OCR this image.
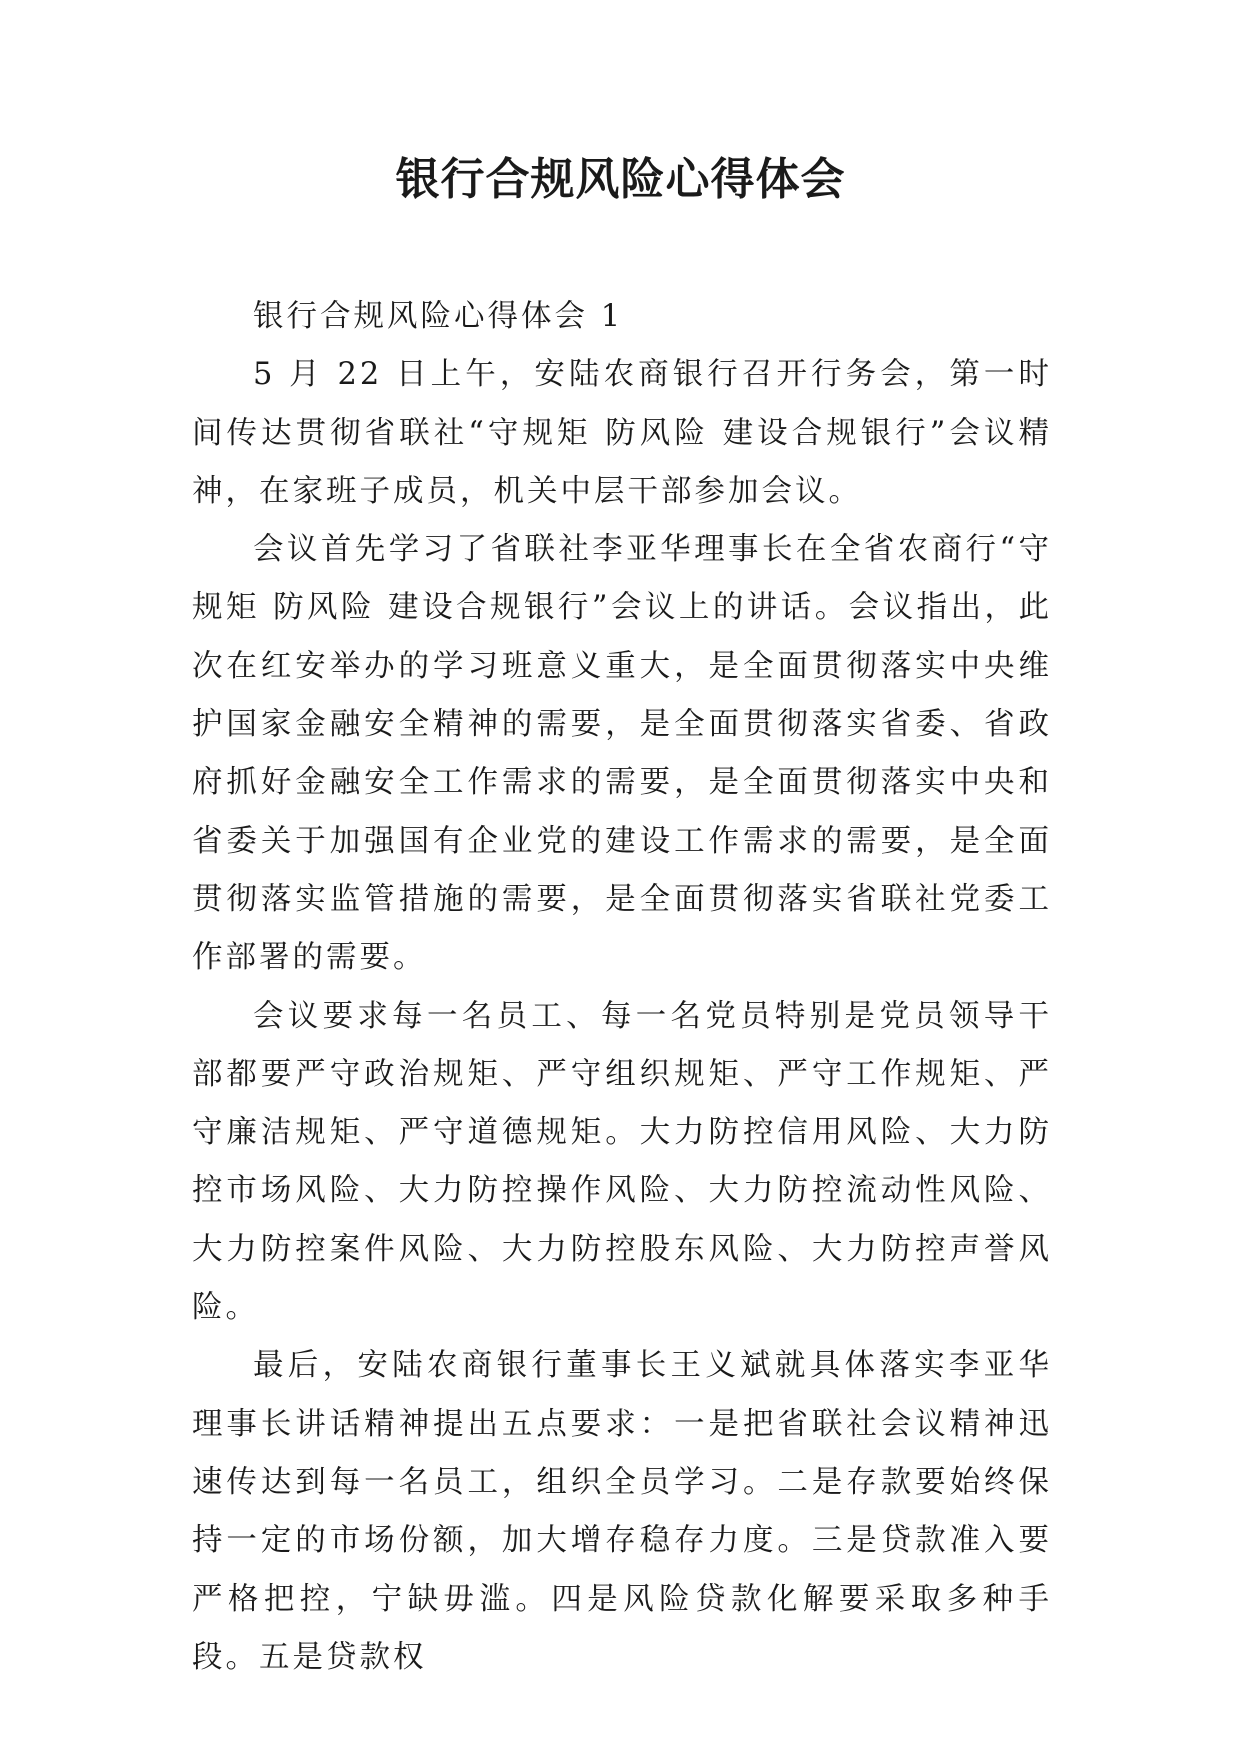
银行合规风险心得体会

银行合规风险心得体会 1

5 月 22 日上午，安陆农商银行召开行务会，第一时间传达贯彻省联社“守规矩 防风险 建设合规银行”会议精神，在家班子成员，机关中层干部参加会议。

会议首先学习了省联社李亚华理事长在全省农商行“守规矩 防风险 建设合规银行”会议上的讲话。会议指出，此次在红安举办的学习班意义重大，是全面贯彻落实中央维护国家金融安全精神的需要，是全面贯彻落实省委、省政府抓好金融安全工作需求的需要，是全面贯彻落实中央和省委关于加强国有企业党的建设工作需求的需要，是全面贯彻落实监管措施的需要，是全面贯彻落实省联社党委工作部署的需要。

会议要求每一名员工、每一名党员特别是党员领导干部都要严守政治规矩、严守组织规矩、严守工作规矩、严守廉洁规矩、严守道德规矩。大力防控信用风险、大力防控市场风险、大力防控操作风险、大力防控流动性风险、大力防控案件风险、大力防控股东风险、大力防控声誉风险。

最后，安陆农商银行董事长王义斌就具体落实李亚华理事长讲话精神提出五点要求：一是把省联社会议精神迅速传达到每一名员工，组织全员学习。二是存款要始终保持一定的市场份额，加大增存稳存力度。三是贷款准入要严格把控，宁缺毋滥。四是风险贷款化解要采取多种手段。五是贷款权
